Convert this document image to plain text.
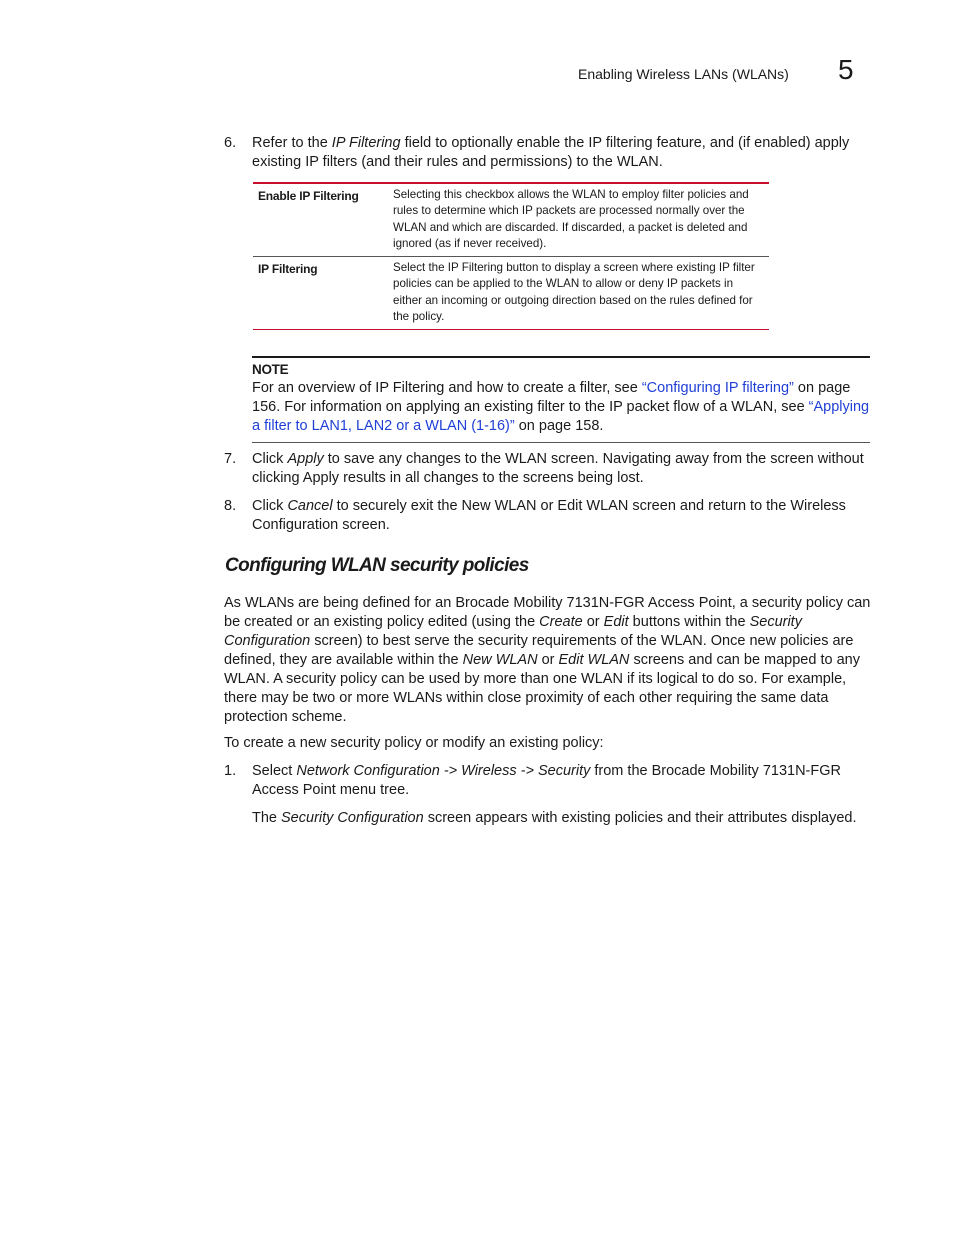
Enabling Wireless LANs (WLANs) 5
6. Refer to the IP Filtering field to optionally enable the IP filtering feature, and (if enabled) apply existing IP filters (and their rules and permissions) to the WLAN.

Enable IP Filtering	Selecting this checkbox allows the WLAN to employ filter policies and rules to determine which IP packets are processed normally over the WLAN and which are discarded. If discarded, a packet is deleted and ignored (as if never received).
IP Filtering	Select the IP Filtering button to display a screen where existing IP filter policies can be applied to the WLAN to allow or deny IP packets in either an incoming or outgoing direction based on the rules defined for the policy.
NOTE
For an overview of IP Filtering and how to create a filter, see “Configuring IP filtering” on page 156. For information on applying an existing filter to the IP packet flow of a WLAN, see “Applying a filter to LAN1, LAN2 or a WLAN (1-16)” on page 158.
7. Click Apply to save any changes to the WLAN screen. Navigating away from the screen without clicking Apply results in all changes to the screens being lost.

8. Click Cancel to securely exit the New WLAN or Edit WLAN screen and return to the Wireless Configuration screen.

Configuring WLAN security policies

As WLANs are being defined for an Brocade Mobility 7131N-FGR Access Point, a security policy can be created or an existing policy edited (using the Create or Edit buttons within the Security Configuration screen) to best serve the security requirements of the WLAN. Once new policies are defined, they are available within the New WLAN or Edit WLAN screens and can be mapped to any WLAN. A security policy can be used by more than one WLAN if its logical to do so. For example, there may be two or more WLANs within close proximity of each other requiring the same data protection scheme.

To create a new security policy or modify an existing policy:
1. Select Network Configuration -> Wireless -> Security from the Brocade Mobility 7131N-FGR Access Point menu tree.

The Security Configuration screen appears with existing policies and their attributes displayed.
